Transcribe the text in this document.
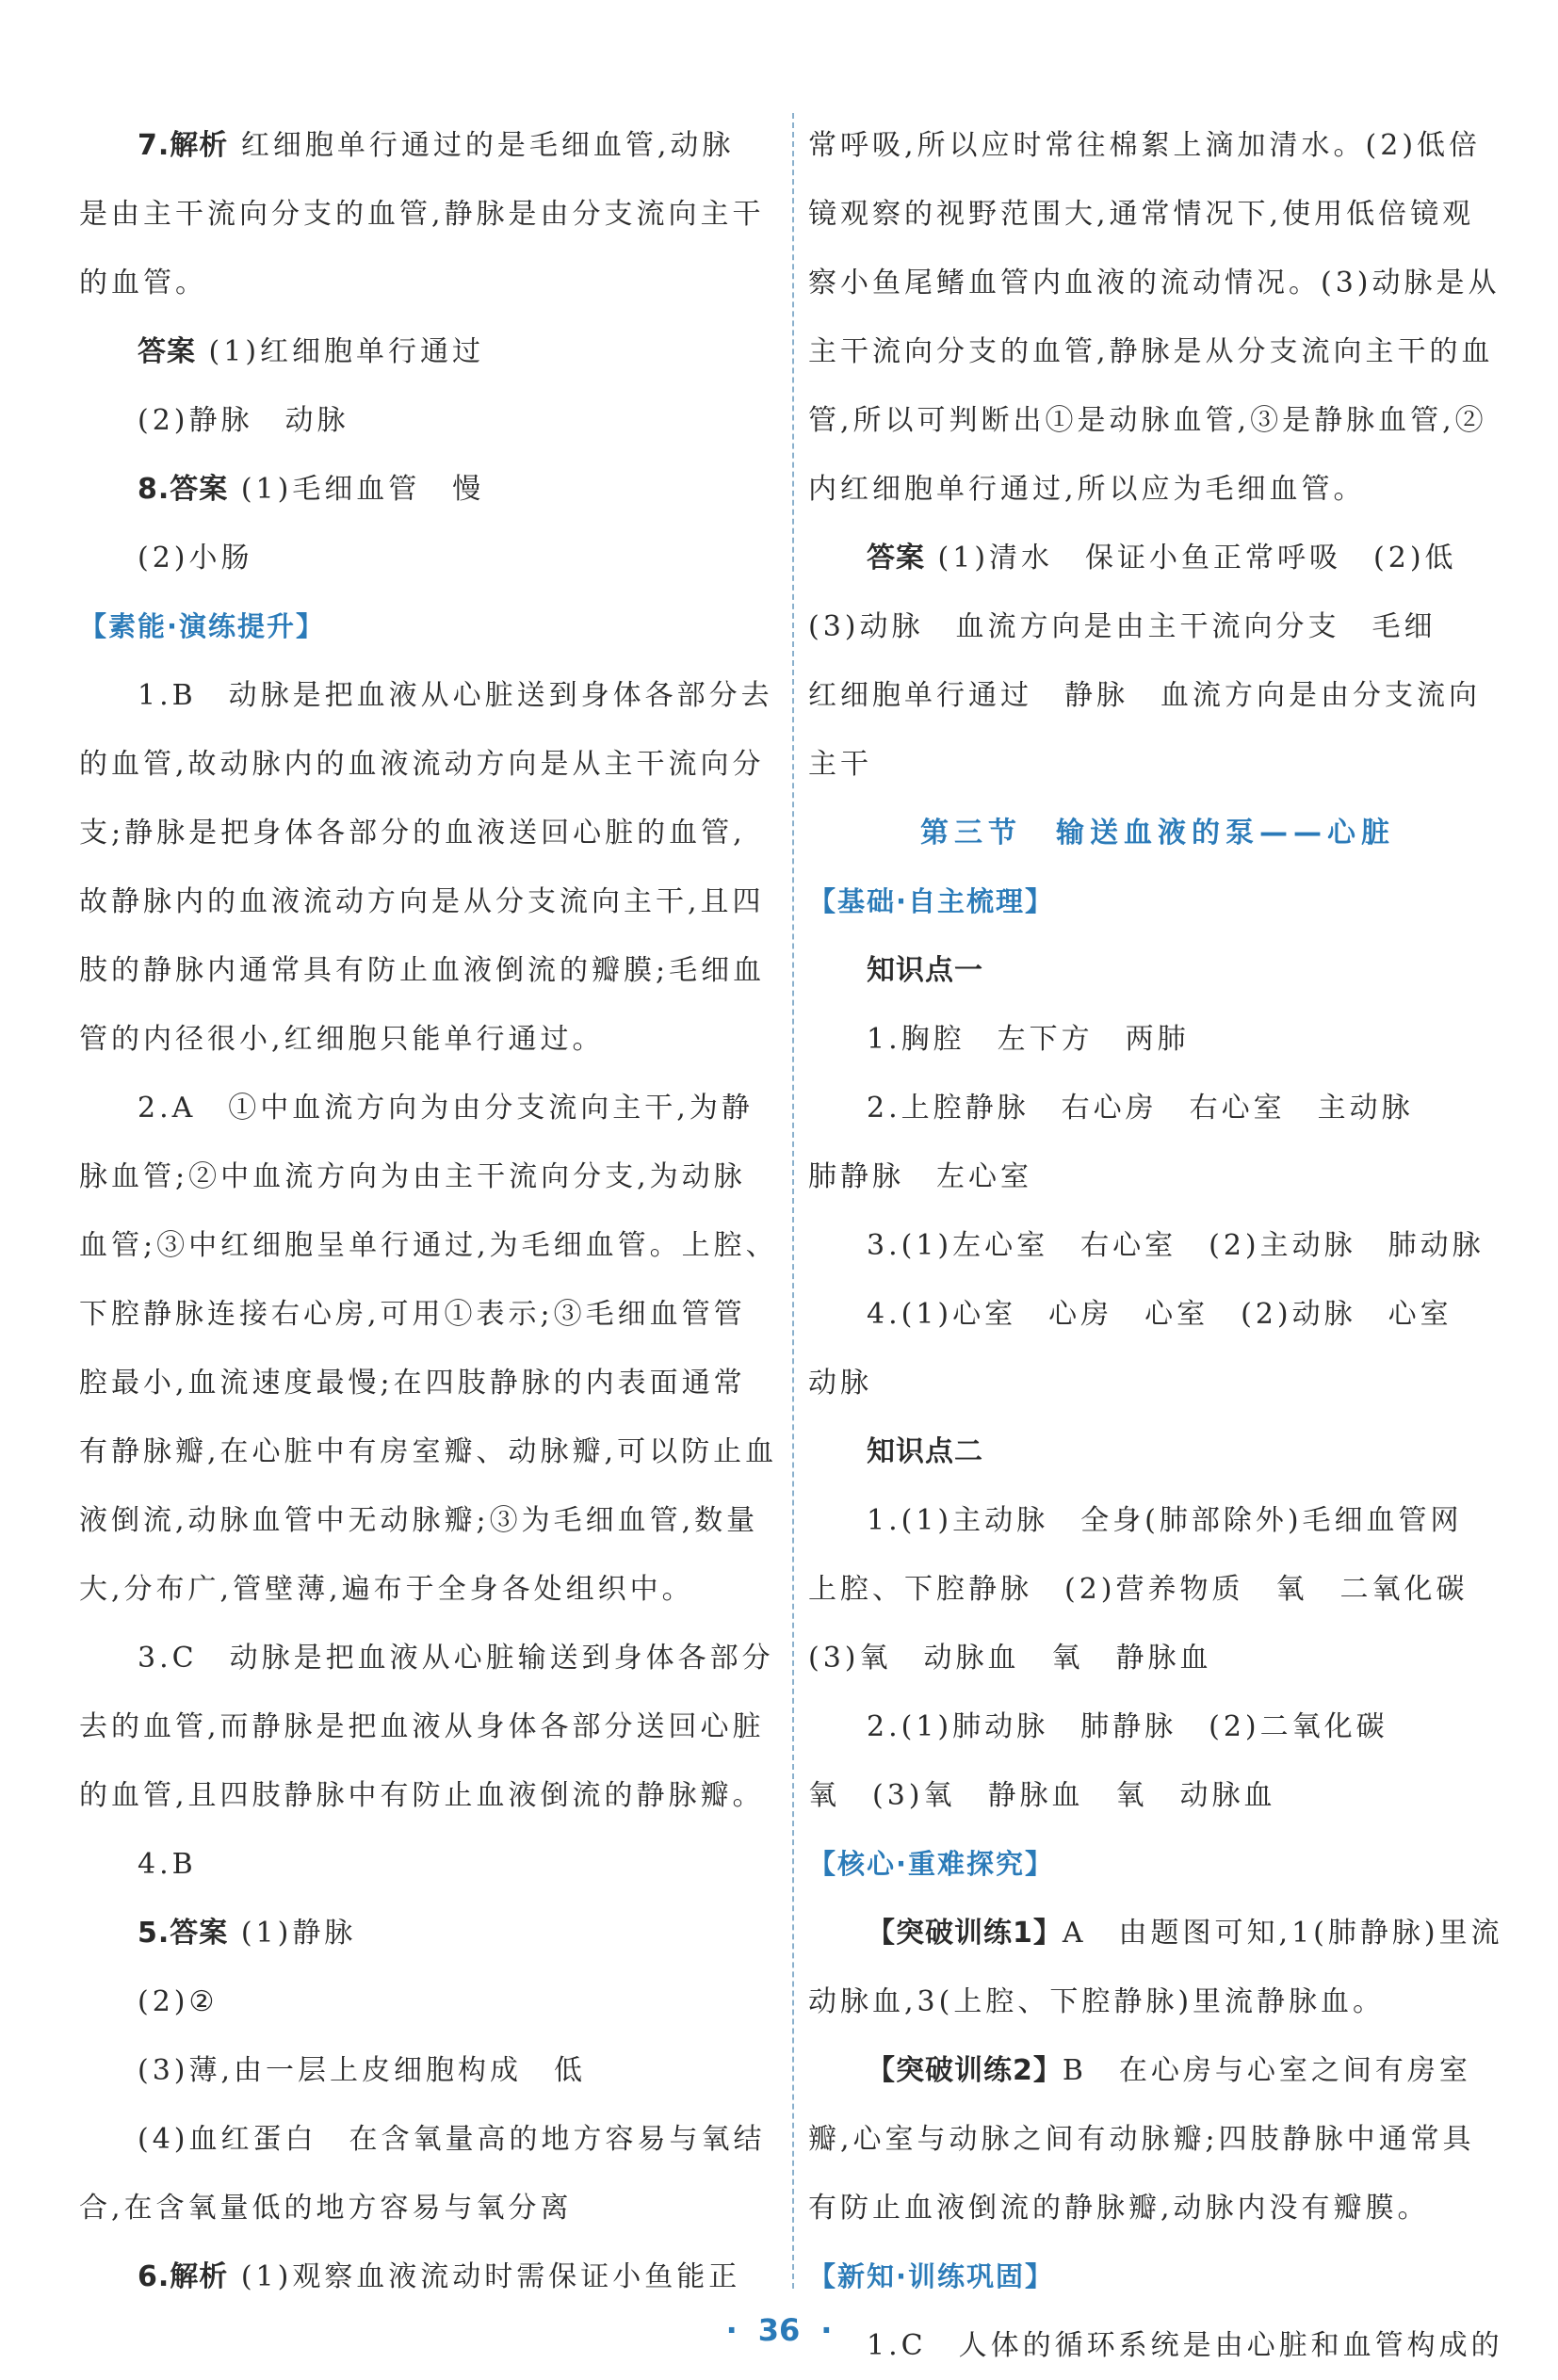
7.解析 红细胞单行通过的是毛细血管,动脉

是由主干流向分支的血管,静脉是由分支流向主干

的血管。

答案 (1)红细胞单行通过

(2)静脉　动脉

8.答案 (1)毛细血管　慢

(2)小肠

【素能·演练提升】

1.B　动脉是把血液从心脏送到身体各部分去

的血管,故动脉内的血液流动方向是从主干流向分

支;静脉是把身体各部分的血液送回心脏的血管,

故静脉内的血液流动方向是从分支流向主干,且四

肢的静脉内通常具有防止血液倒流的瓣膜;毛细血

管的内径很小,红细胞只能单行通过。

2.A　①中血流方向为由分支流向主干,为静

脉血管;②中血流方向为由主干流向分支,为动脉

血管;③中红细胞呈单行通过,为毛细血管。上腔、

下腔静脉连接右心房,可用①表示;③毛细血管管

腔最小,血流速度最慢;在四肢静脉的内表面通常

有静脉瓣,在心脏中有房室瓣、动脉瓣,可以防止血

液倒流,动脉血管中无动脉瓣;③为毛细血管,数量

大,分布广,管壁薄,遍布于全身各处组织中。

3.C　动脉是把血液从心脏输送到身体各部分

去的血管,而静脉是把血液从身体各部分送回心脏

的血管,且四肢静脉中有防止血液倒流的静脉瓣。

4.B

5.答案 (1)静脉

(2)②

(3)薄,由一层上皮细胞构成　低

(4)血红蛋白　在含氧量高的地方容易与氧结

合,在含氧量低的地方容易与氧分离

6.解析 (1)观察血液流动时需保证小鱼能正

常呼吸,所以应时常往棉絮上滴加清水。(2)低倍

镜观察的视野范围大,通常情况下,使用低倍镜观

察小鱼尾鳍血管内血液的流动情况。(3)动脉是从

主干流向分支的血管,静脉是从分支流向主干的血

管,所以可判断出①是动脉血管,③是静脉血管,②

内红细胞单行通过,所以应为毛细血管。

答案 (1)清水　保证小鱼正常呼吸　(2)低

(3)动脉　血流方向是由主干流向分支　毛细

红细胞单行通过　静脉　血流方向是由分支流向

主干

第三节　输送血液的泵——心脏

【基础·自主梳理】

知识点一

1.胸腔　左下方　两肺

2.上腔静脉　右心房　右心室　主动脉

肺静脉　左心室

3.(1)左心室　右心室　(2)主动脉　肺动脉

4.(1)心室　心房　心室　(2)动脉　心室

动脉

知识点二

1.(1)主动脉　全身(肺部除外)毛细血管网

上腔、下腔静脉　(2)营养物质　氧　二氧化碳

(3)氧　动脉血　氧　静脉血

2.(1)肺动脉　肺静脉　(2)二氧化碳

氧　(3)氧　静脉血　氧　动脉血

【核心·重难探究】

【突破训练1】A　由题图可知,1(肺静脉)里流

动脉血,3(上腔、下腔静脉)里流静脉血。

【突破训练2】B　在心房与心室之间有房室

瓣,心室与动脉之间有动脉瓣;四肢静脉中通常具

有防止血液倒流的静脉瓣,动脉内没有瓣膜。

【新知·训练巩固】

1.C　人体的循环系统是由心脏和血管构成的

· 36 ·
